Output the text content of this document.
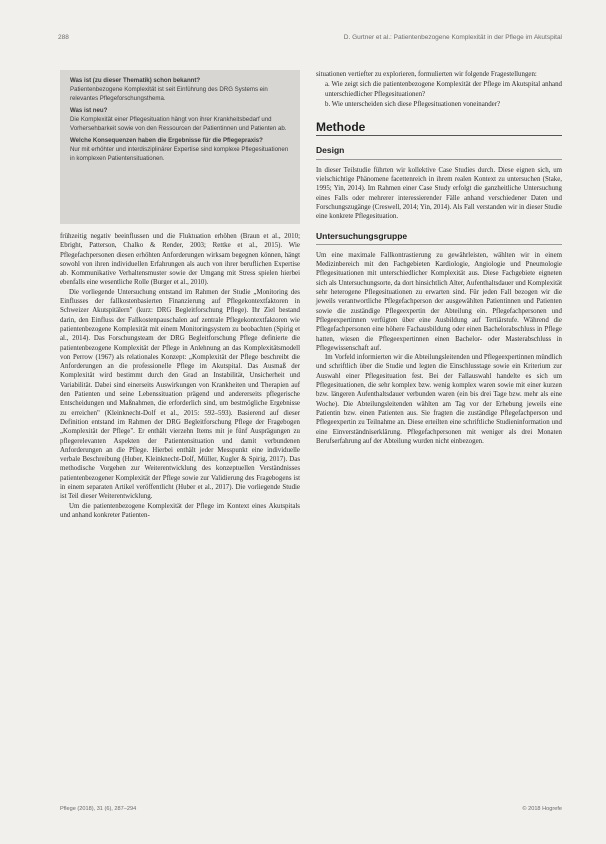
288	D. Gurtner et al.: Patientenbezogene Komplexität in der Pflege im Akutspital
Was ist (zu dieser Thematik) schon bekannt?
Patientenbezogene Komplexität ist seit Einführung des DRG Systems ein relevantes Pflegeforschungsthema.
Was ist neu?
Die Komplexität einer Pflegesituation hängt von ihrer Krankheitsbedarf und Vorhersehbarkeit sowie von den Ressourcen der Patientinnen und Patienten ab.
Welche Konsequenzen haben die Ergebnisse für die Pflegepraxis?
Nur mit erhöhter und interdisziplinärer Expertise sind komplexe Pflegesituationen in komplexen Patientensituationen.

frühzeitig negativ beeinflussen und die Fluktuation erhöhen (Braun et al., 2010; Ebright, Patterson, Chalko & Render, 2003; Rettke et al., 2015). Wie Pflegefachpersonen diesen erhöhten Anforderungen wirksam begegnen können, hängt sowohl von ihren individuellen Erfahrungen als auch von ihrer beruflichen Expertise ab. Kommunikative Verhaltensmuster sowie der Umgang mit Stress spielen hierbei ebenfalls eine wesentliche Rolle (Burger et al., 2010).

Die vorliegende Untersuchung entstand im Rahmen der Studie „Monitoring des Einflusses der fallkostenbasierten Finanzierung auf Pflegekontextfaktoren in Schweizer Akutspitälern" (kurz: DRG Begleitforschung Pflege). Ihr Ziel bestand darin, den Einfluss der Fallkostenpauschalen auf zentrale Pflegekontextfaktoren wie patientenbezogene Komplexität mit einem Monitoringsystem zu beobachten (Spirig et al., 2014). Das Forschungsteam der DRG Begleitforschung Pflege definierte die patientenbezogene Komplexität der Pflege in Anlehnung an das Komplexitätsmodell von Perrow (1967) als relationales Konzept: „Komplexität der Pflege beschreibt die Anforderungen an die professionelle Pflege im Akutspital. Das Ausmaß der Komplexität wird bestimmt durch den Grad an Instabilität, Unsicherheit und Variabilität. Dabei sind einerseits Auswirkungen von Krankheiten und Therapien auf den Patienten und seine Lebenssituation prägend und andererseits pflegerische Entscheidungen und Maßnahmen, die erforderlich sind, um bestmögliche Ergebnisse zu erreichen" (Kleinknecht-Dolf et al., 2015: 592–593). Basierend auf dieser Definition entstand im Rahmen der DRG Begleitforschung Pflege der Fragebogen „Komplexität der Pflege". Er enthält vierzehn Items mit je fünf Ausprägungen zu pflegerelevanten Aspekten der Patientensituation und damit verbundenen Anforderungen an die Pflege. Hierbei enthält jeder Messpunkt eine individuelle verbale Beschreibung (Huber, Kleinknecht-Dolf, Müller, Kugler & Spirig, 2017). Das methodische Vorgehen zur Weiterentwicklung des konzeptuellen Verständnisses patientenbezogener Komplexität der Pflege sowie zur Validierung des Fragebogens ist in einem separaten Artikel veröffentlicht (Huber et al., 2017). Die vorliegende Studie ist Teil dieser Weiterentwicklung.

Um die patientenbezogene Komplexität der Pflege im Kontext eines Akutspitals und anhand konkreter Patienten-

situationen vertiefter zu explorieren, formulierten wir folgende Fragestellungen:

a. Wie zeigt sich die patientenbezogene Komplexität der Pflege im Akutspital anhand unterschiedlicher Pflegesituationen?

b. Wie unterscheiden sich diese Pflegesituationen voneinander?

Methode
Design

In dieser Teilstudie führten wir kollektive Case Studies durch. Diese eignen sich, um vielschichtige Phänomene facettenreich in ihrem realen Kontext zu untersuchen (Stake, 1995; Yin, 2014). Im Rahmen einer Case Study erfolgt die ganzheitliche Untersuchung eines Falls oder mehrerer interessierender Fälle anhand verschiedener Daten und Forschungszugänge (Creswell, 2014; Yin, 2014). Als Fall verstanden wir in dieser Studie eine konkrete Pflegesituation.

Untersuchungsgruppe

Um eine maximale Fallkontrastierung zu gewährleisten, wählten wir in einem Medizinbereich mit den Fachgebieten Kardiologie, Angiologie und Pneumologie Pflegesituationen mit unterschiedlicher Komplexität aus. Diese Fachgebiete eigneten sich als Untersuchungsorte, da dort hinsichtlich Alter, Aufenthaltsdauer und Komplexität sehr heterogene Pflegesituationen zu erwarten sind. Für jeden Fall bezogen wir die jeweils verantwortliche Pflegefachperson der ausgewählten Patientinnen und Patienten sowie die zuständige Pflegeexpertin der Abteilung ein. Pflegefachpersonen und Pflegeexpertinnen verfügten über eine Ausbildung auf Tertiärstufe. Während die Pflegefachpersonen eine höhere Fachausbildung oder einen Bachelorabschluss in Pflege hatten, wiesen die Pflegeexpertinnen einen Bachelor- oder Masterabschluss in Pflegewissenschaft auf.

Im Vorfeld informierten wir die Abteilungsleitenden und Pflegeexpertinnen mündlich und schriftlich über die Studie und legten die Einschlusstage sowie ein Kriterium zur Auswahl einer Pflegesituation fest. Bei der Fallauswahl handelte es sich um Pflegesituationen, die sehr komplex bzw. wenig komplex waren sowie mit einer kurzen bzw. längeren Aufenthaltsdauer verbunden waren (ein bis drei Tage bzw. mehr als eine Woche). Die Abteilungsleitenden wählten am Tag vor der Erhebung jeweils eine Patientin bzw. einen Patienten aus. Sie fragten die zuständige Pflegefachperson und Pflegeexpertin zu Teilnahme an. Diese erteilten eine schriftliche Studieninformation und eine Einverständniserklärung. Pflegefachpersonen mit weniger als drei Monaten Berufserfahrung auf der Abteilung wurden nicht einbezogen.

Pflege (2018), 31 (6), 287–294	© 2018 Hogrefe
